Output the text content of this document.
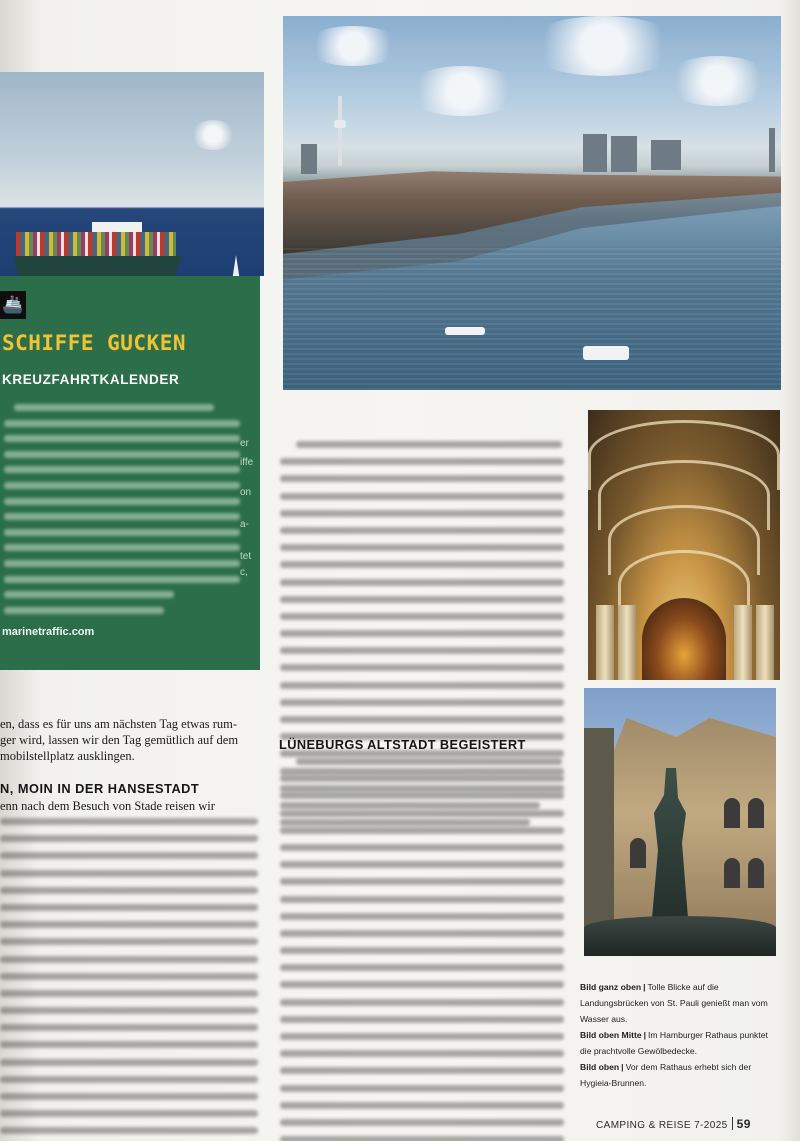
🚢
SCHIFFE GUCKEN
KREUZFAHRTKALENDER
er
iffe
on
a-
tet
c,
marinetraffic.com
LÜNEBURGS ALTSTADT BEGEISTERT
en, dass es für uns am nächsten Tag etwas rum-
ger wird, lassen wir den Tag gemütlich auf dem
mobilstellplatz ausklingen.
N, MOIN IN DER HANSESTADT
enn nach dem Besuch von Stade reisen wir
Bild ganz oben | Tolle Blicke auf die Landungsbrücken von St. Pauli genießt man vom Wasser aus.
Bild oben Mitte | Im Hamburger Rathaus punktet die prachtvolle Gewölbedecke.
Bild oben | Vor dem Rathaus erhebt sich der Hygieia-Brunnen.
CAMPING & REISE 7-2025 59
